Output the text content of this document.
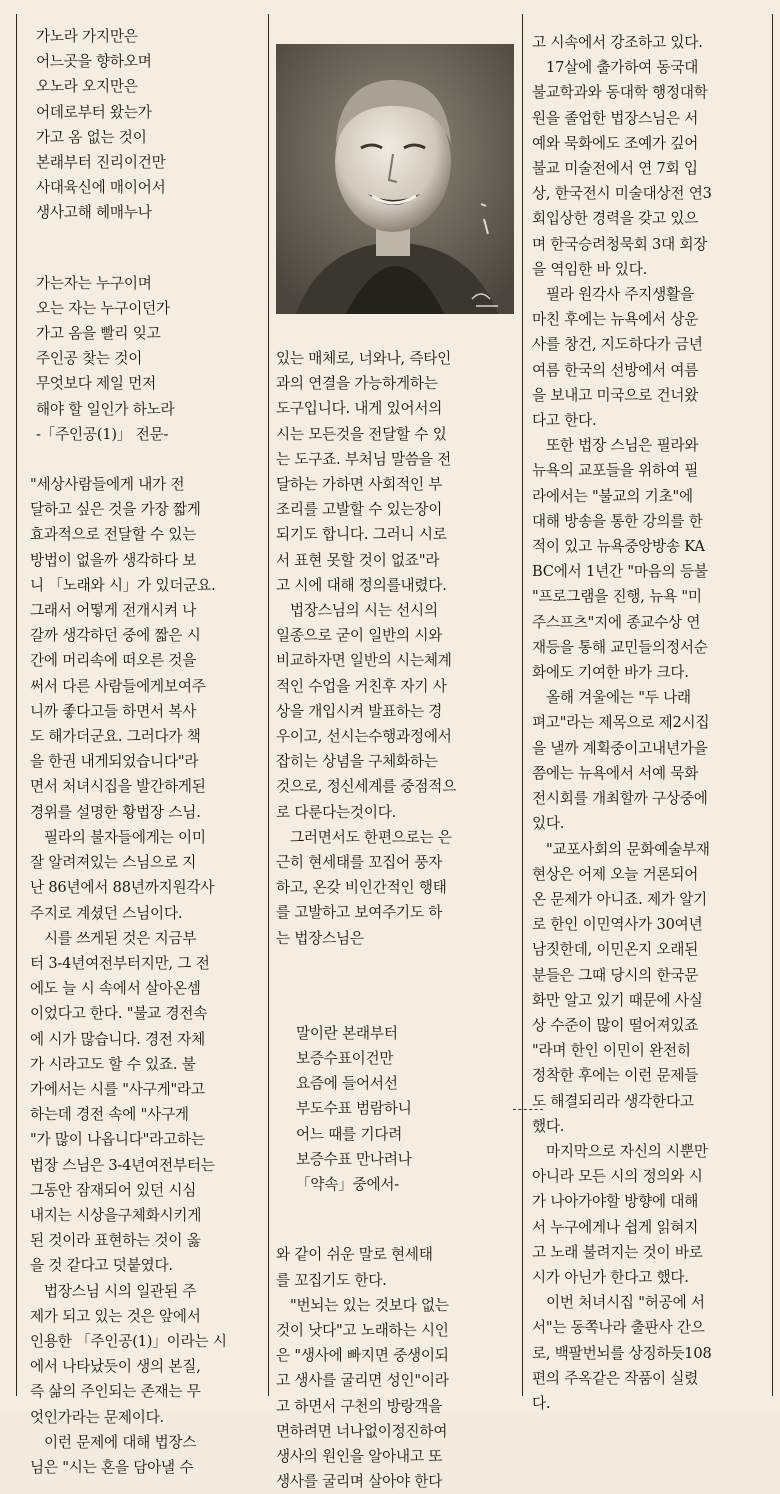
가노라 가지만은

어느곳을 향하오며

오노라 오지만은

어데로부터 왔는가

가고 옴 없는 것이

본래부터 진리이건만

사대육신에 매이어서

생사고해 헤매누나

가는자는 누구이며

오는 자는 누구이던가

가고 옴을 빨리 잊고

주인공 찾는 것이

무엇보다 제일 먼저

해야 할 일인가 하노라

-「주인공(1)」 전문-

"세상사람들에게 내가 전

달하고 싶은 것을 가장 짧게

효과적으로 전달할 수 있는

방법이 없을까 생각하다 보

니 「노래와 시」가 있더군요.

그래서 어떻게 전개시켜 나

갈까 생각하던 중에 짧은 시

간에 머리속에 떠오른 것을

써서 다른 사람들에게보여주

니까 좋다고들 하면서 복사

도 해가더군요. 그러다가 책

을 한권 내게되었습니다"라

면서 처녀시집을 발간하게된

경위를 설명한 황법장 스님.

필라의 불자들에게는 이미

잘 알려져있는 스님으로 지

난 86년에서 88년까지원각사

주지로 계셨던 스님이다.

시를 쓰게된 것은 지금부

터 3-4년여전부터지만, 그 전

에도 늘 시 속에서 살아온셈

이었다고 한다. "불교 경전속

에 시가 많습니다. 경전 자체

가 시라고도 할 수 있죠. 불

가에서는 시를 "사구게"라고

하는데 경전 속에 "사구게

"가 많이 나옵니다"라고하는

법장 스님은 3-4년여전부터는

그동안 잠재되어 있던 시심

내지는 시상을구체화시키게

된 것이라 표현하는 것이 옳

을 것 같다고 덧붙였다.

법장스님 시의 일관된 주

제가 되고 있는 것은 앞에서

인용한 「주인공(1)」이라는 시

에서 나타났듯이 생의 본질,

즉 삶의 주인되는 존재는 무

엇인가라는 문제이다.

이런 문제에 대해 법장스

님은 "시는 혼을 담아낼 수

있는 매체로, 너와나, 즉타인

과의 연결을 가능하게하는

도구입니다. 내게 있어서의

시는 모든것을 전달할 수 있

는 도구죠. 부처님 말씀을 전

달하는 가하면 사회적인 부

조리를 고발할 수 있는장이

되기도 합니다. 그러니 시로

서 표현 못할 것이 없죠"라

고 시에 대해 정의를내렸다.

법장스님의 시는 선시의

일종으로 굳이 일반의 시와

비교하자면 일반의 시는체계

적인 수업을 거친후 자기 사

상을 개입시켜 발표하는 경

우이고, 선시는수행과정에서

잡히는 상념을 구체화하는

것으로, 정신세계를 중점적으

로 다룬다는것이다.

그러면서도 한편으로는 은

근히 현세태를 꼬집어 풍자

하고, 온갖 비인간적인 행태

를 고발하고 보여주기도 하

는 법장스님은

말이란 본래부터

보증수표이건만

요즘에 들어서선

부도수표 범람하니

어느 때를 기다려

보증수표 만나려나

「약속」중에서-

와 같이 쉬운 말로 현세태

를 꼬집기도 한다.

"번뇌는 있는 것보다 없는

것이 낫다"고 노래하는 시인

은 "생사에 빠지면 중생이되

고 생사를 굴리면 성인"이라

고 하면서 구천의 방랑객을

면하려면 너나없이정진하여

생사의 원인을 알아내고 또

생사를 굴리며 살아야 한다

고 시속에서 강조하고 있다.

17살에 출가하여 동국대

불교학과와 동대학 행정대학

원을 졸업한 법장스님은 서

예와 묵화에도 조예가 깊어

불교 미술전에서 연 7회 입

상, 한국전시 미술대상전 연3

회입상한 경력을 갖고 있으

며 한국승려청묵회 3대 회장

을 역임한 바 있다.

필라 원각사 주지생활을

마친 후에는 뉴욕에서 상운

사를 창건, 지도하다가 금년

여름 한국의 선방에서 여름

을 보내고 미국으로 건너왔

다고 한다.

또한 법장 스님은 필라와

뉴욕의 교포들을 위하여 필

라에서는 "불교의 기초"에

대해 방송을 통한 강의를 한

적이 있고 뉴욕중앙방송 KA

BC에서 1년간 "마음의 등불

"프로그램을 진행, 뉴욕 "미

주스프츠"지에 종교수상 연

재등을 통해 교민들의정서순

화에도 기여한 바가 크다.

올해 겨울에는 "두 나래

펴고"라는 제목으로 제2시집

을 낼까 계획중이고내년가을

쯤에는 뉴욕에서 서예 묵화

전시회를 개최할까 구상중에

있다.

"교포사회의 문화예술부재

현상은 어제 오늘 거론되어

온 문제가 아니죠. 제가 알기

로 한인 이민역사가 30여년

남짓한데, 이민온지 오래된

분들은 그때 당시의 한국문

화만 알고 있기 때문에 사실

상 수준이 많이 떨어져있죠

"라며 한인 이민이 완전히

정착한 후에는 이런 문제들

도 해결되리라 생각한다고

했다.

마지막으로 자신의 시뿐만

아니라 모든 시의 정의와 시

가 나아가야할 방향에 대해

서 누구에게나 쉽게 읽혀지

고 노래 불려지는 것이 바로

시가 아닌가 한다고 했다.

이번 처녀시집 "허공에 서

서"는 동쪽나라 출판사 간으

로, 백팔번뇌를 상징하듯108

편의 주옥같은 작품이 실렸

다.
